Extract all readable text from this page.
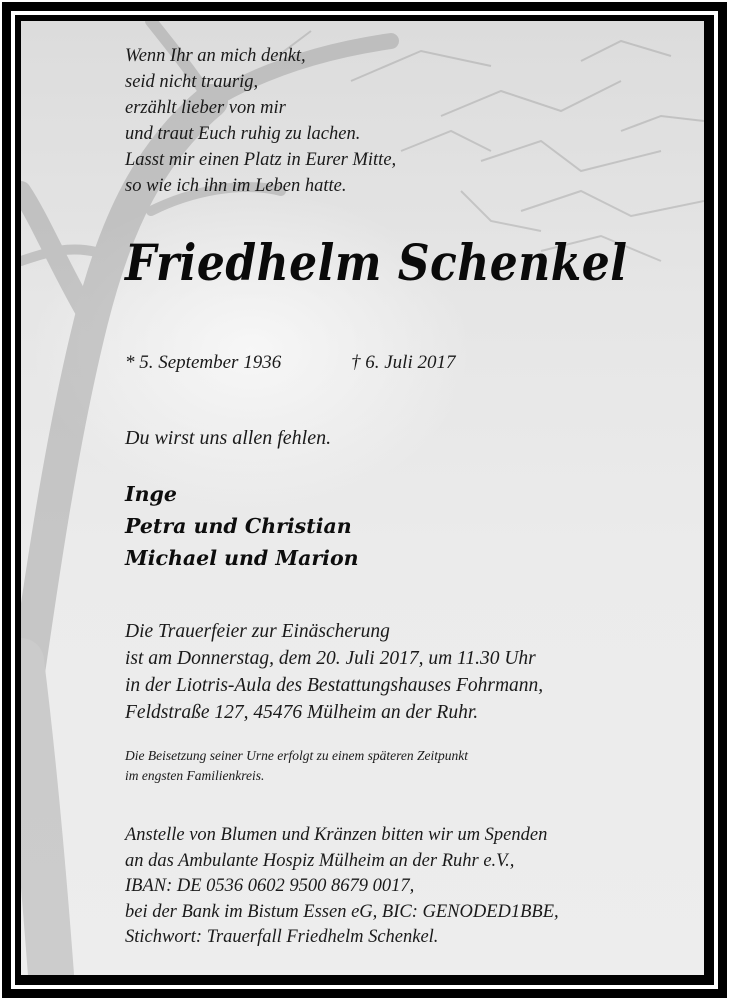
Wenn Ihr an mich denkt,
seid nicht traurig,
erzählt lieber von mir
und traut Euch ruhig zu lachen.
Lasst mir einen Platz in Eurer Mitte,
so wie ich ihn im Leben hatte.

Friedhelm Schenkel
* 5. September 1936	† 6. Juli 2017

Du wirst uns allen fehlen.

Inge
Petra und Christian
Michael und Marion

Die Trauerfeier zur Einäscherung
ist am Donnerstag, dem 20. Juli 2017, um 11.30 Uhr
in der Liotris-Aula des Bestattungshauses Fohrmann,
Feldstraße 127, 45476 Mülheim an der Ruhr.

Die Beisetzung seiner Urne erfolgt zu einem späteren Zeitpunkt
im engsten Familienkreis.

Anstelle von Blumen und Kränzen bitten wir um Spenden
an das Ambulante Hospiz Mülheim an der Ruhr e.V.,
IBAN: DE 0536 0602 9500 8679 0017,
bei der Bank im Bistum Essen eG, BIC: GENODED1BBE,
Stichwort: Trauerfall Friedhelm Schenkel.
